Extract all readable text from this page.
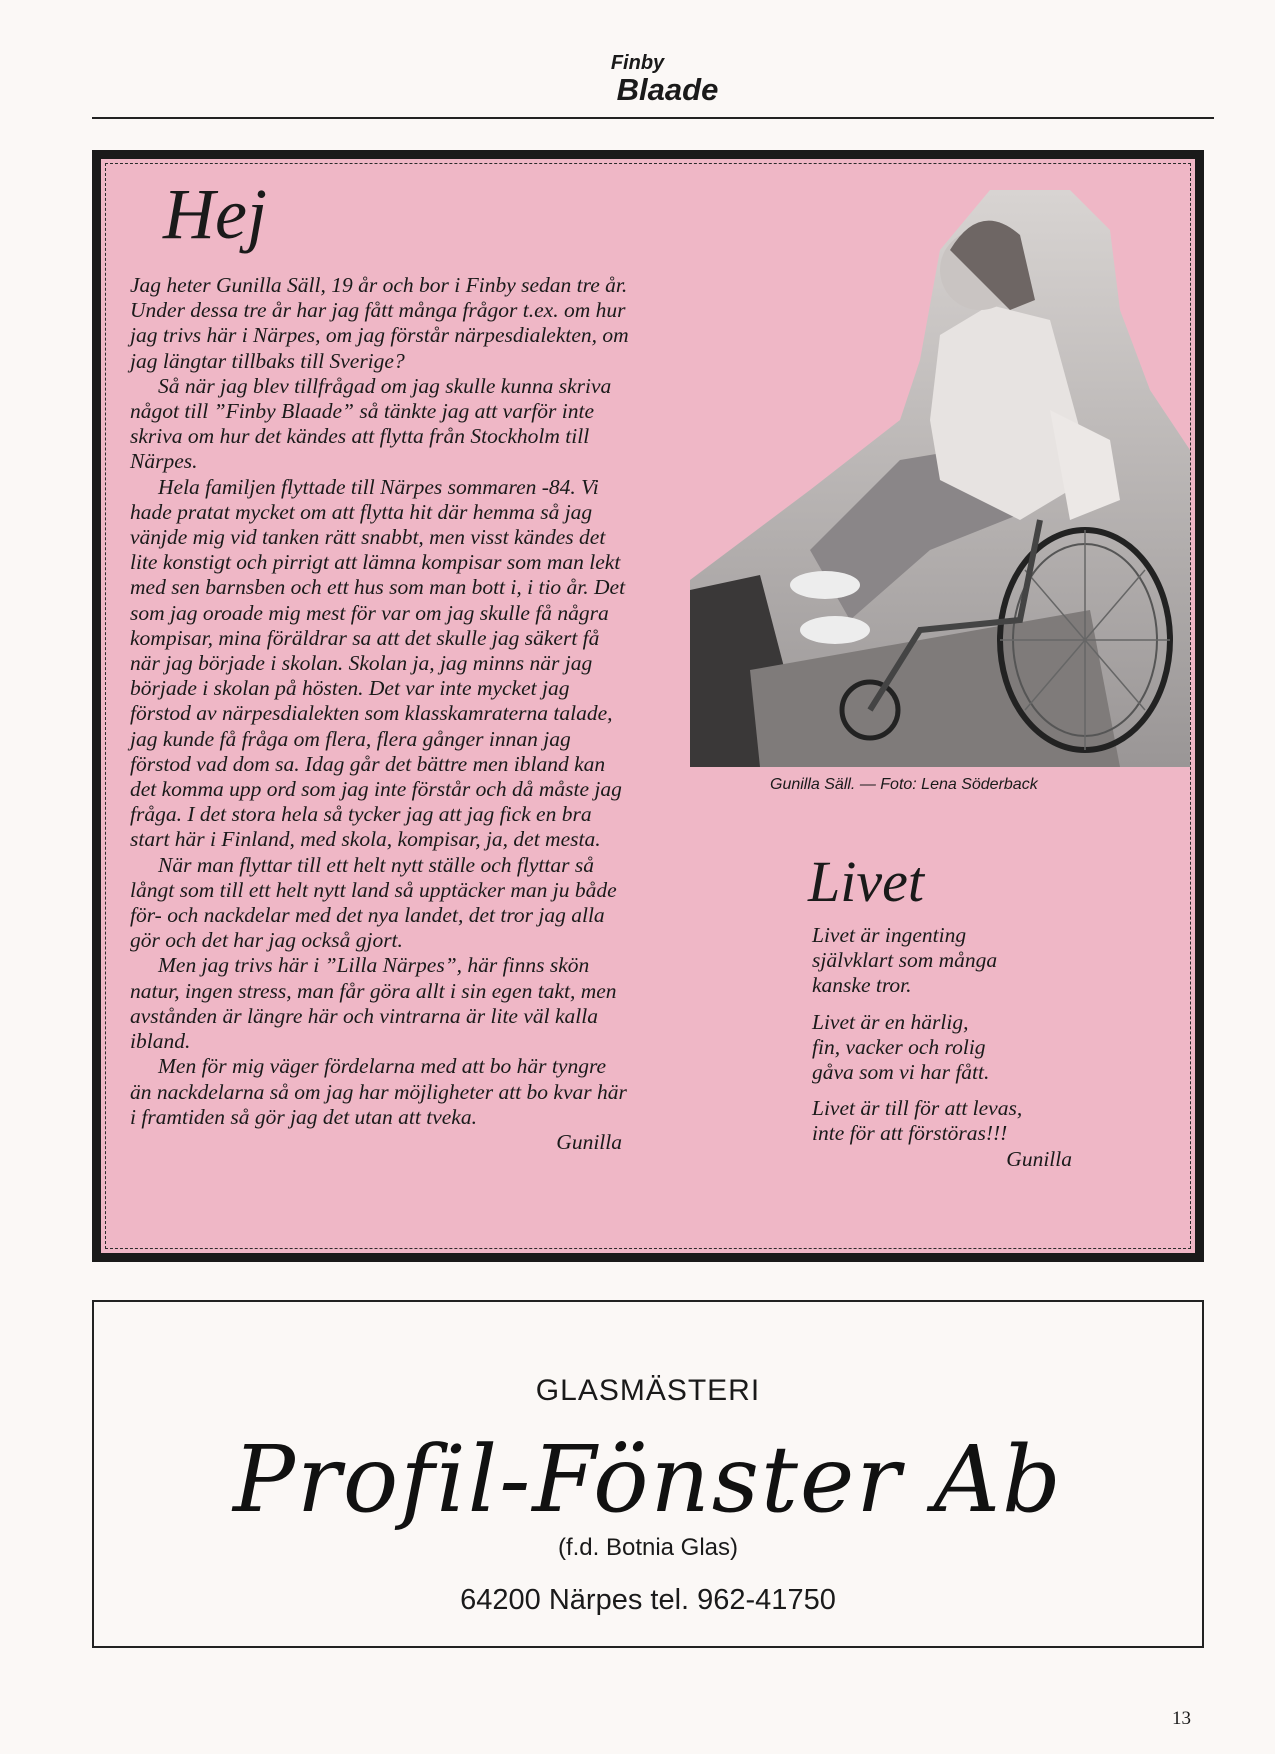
Finby
Blaade
Hej

Jag heter Gunilla Säll, 19 år och bor i Finby sedan tre år. Under dessa tre år har jag fått många frågor t.ex. om hur jag trivs här i Närpes, om jag förstår närpesdialekten, om jag längtar tillbaks till Sverige?

Så när jag blev tillfrågad om jag skulle kunna skriva något till ”Finby Blaade” så tänkte jag att varför inte skriva om hur det kändes att flytta från Stockholm till Närpes.

Hela familjen flyttade till Närpes sommaren -84. Vi hade pratat mycket om att flytta hit där hemma så jag vänjde mig vid tanken rätt snabbt, men visst kändes det lite konstigt och pirrigt att lämna kompisar som man lekt med sen barnsben och ett hus som man bott i, i tio år. Det som jag oroade mig mest för var om jag skulle få några kompisar, mina föräldrar sa att det skulle jag säkert få när jag började i skolan. Skolan ja, jag minns när jag började i skolan på hösten. Det var inte mycket jag förstod av närpesdialekten som klasskamraterna talade, jag kunde få fråga om flera, flera gånger innan jag förstod vad dom sa. Idag går det bättre men ibland kan det komma upp ord som jag inte förstår och då måste jag fråga. I det stora hela så tycker jag att jag fick en bra start här i Finland, med skola, kompisar, ja, det mesta.

När man flyttar till ett helt nytt ställe och flyttar så långt som till ett helt nytt land så upptäcker man ju både för- och nackdelar med det nya landet, det tror jag alla gör och det har jag också gjort.

Men jag trivs här i ”Lilla Närpes”, här finns skön natur, ingen stress, man får göra allt i sin egen takt, men avstånden är längre här och vintrarna är lite väl kalla ibland.

Men för mig väger fördelarna med att bo här tyngre än nackdelarna så om jag har möjligheter att bo kvar här i framtiden så gör jag det utan att tveka.

Gunilla
Gunilla Säll. — Foto: Lena Söderback
Livet
Livet är ingenting
självklart som många
kanske tror.
Livet är en härlig,
fin, vacker och rolig
gåva som vi har fått.
Livet är till för att levas,
inte för att förstöras!!!
Gunilla
GLASMÄSTERI
Profil-Fönster Ab
(f.d. Botnia Glas)
64200 Närpes tel. 962-41750
13
